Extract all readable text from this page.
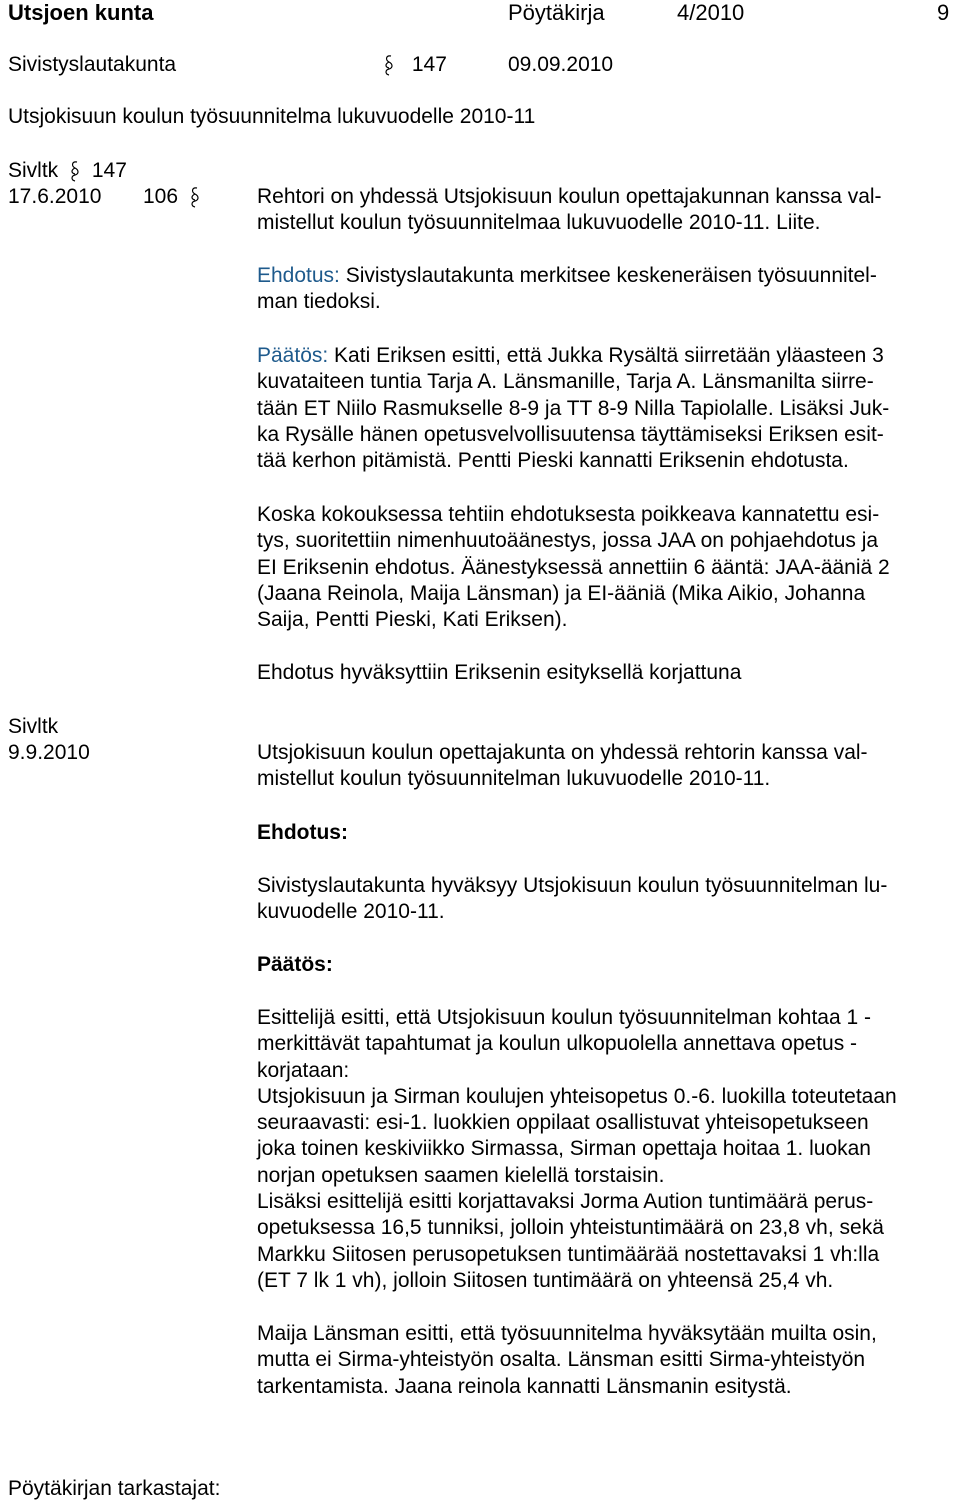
Utsjoen kunta	Pöytäkirja	4/2010	9
Sivistyslautakunta	147	09.09.2010
Utsjokisuun koulun työsuunnitelma lukuvuodelle 2010-11
Sivltk 147
17.6.2010 106	Rehtori on yhdessä Utsjokisuun koulun opettajakunnan kanssa val-
mistellut koulun työsuunnitelmaa lukuvuodelle 2010-11. Liite.
Ehdotus: Sivistyslautakunta merkitsee keskeneräisen työsuunnitel-
man tiedoksi.
Päätös: Kati Eriksen esitti, että Jukka Rysältä siirretään yläasteen 3
kuvataiteen tuntia Tarja A. Länsmanille, Tarja A. Länsmanilta siirre-
tään ET Niilo Rasmukselle 8-9 ja TT 8-9 Nilla Tapiolalle. Lisäksi Juk-
ka Rysälle hänen opetusvelvollisuutensa täyttämiseksi Eriksen esit-
tää kerhon pitämistä. Pentti Pieski kannatti Eriksenin ehdotusta.
Koska kokouksessa tehtiin ehdotuksesta poikkeava kannatettu esi-
tys, suoritettiin nimenhuutoäänestys, jossa JAA on pohjaehdotus ja
EI Eriksenin ehdotus. Äänestyksessä annettiin 6 ääntä: JAA-ääniä 2
(Jaana Reinola, Maija Länsman) ja EI-ääniä (Mika Aikio, Johanna
Saija, Pentti Pieski, Kati Eriksen).
Ehdotus hyväksyttiin Eriksenin esityksellä korjattuna
Sivltk
9.9.2010	Utsjokisuun koulun opettajakunta on yhdessä rehtorin kanssa val-
mistellut koulun työsuunnitelman lukuvuodelle 2010-11.
Ehdotus:
Sivistyslautakunta hyväksyy Utsjokisuun koulun työsuunnitelman lu-
kuvuodelle 2010-11.
Päätös:
Esittelijä esitti, että Utsjokisuun koulun työsuunnitelman kohtaa 1 -
merkittävät tapahtumat ja koulun ulkopuolella annettava opetus -
korjataan:
Utsjokisuun ja Sirman koulujen yhteisopetus 0.-6. luokilla toteutetaan
seuraavasti: esi-1. luokkien oppilaat osallistuvat yhteisopetukseen
joka toinen keskiviikko Sirmassa, Sirman opettaja hoitaa 1. luokan
norjan opetuksen saamen kielellä torstaisin.
Lisäksi esittelijä esitti korjattavaksi Jorma Aution tuntimäärä perus-
opetuksessa 16,5 tunniksi, jolloin yhteistuntimäärä on 23,8 vh, sekä
Markku Siitosen perusopetuksen tuntimäärää nostettavaksi 1 vh:lla
(ET 7 lk 1 vh), jolloin Siitosen tuntimäärä on yhteensä 25,4 vh.
Maija Länsman esitti, että työsuunnitelma hyväksytään muilta osin,
mutta ei Sirma-yhteistyön osalta. Länsman esitti Sirma-yhteistyön
tarkentamista. Jaana reinola kannatti Länsmanin esitystä.
Pöytäkirjan tarkastajat:
